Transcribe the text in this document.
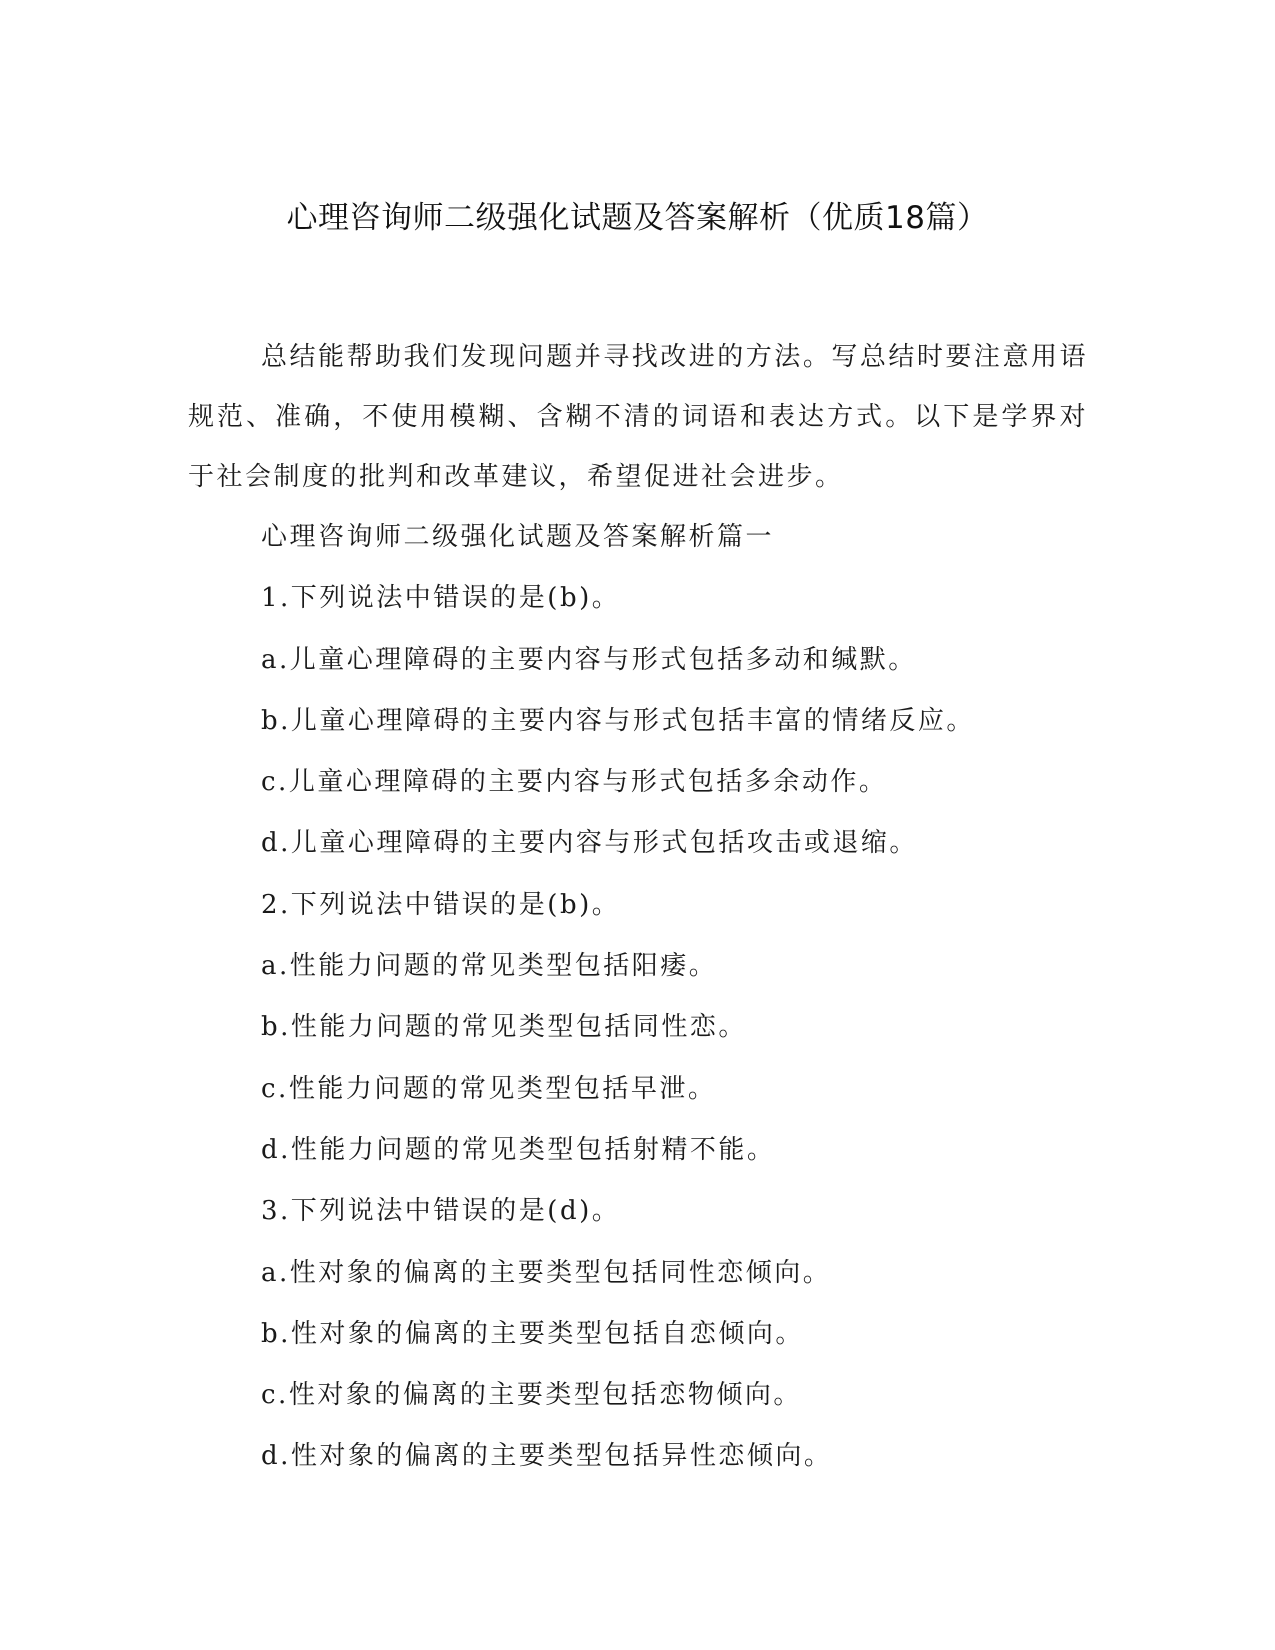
心理咨询师二级强化试题及答案解析（优质18篇）

总结能帮助我们发现问题并寻找改进的方法。写总结时要注意用语规范、准确，不使用模糊、含糊不清的词语和表达方式。以下是学界对于社会制度的批判和改革建议，希望促进社会进步。

心理咨询师二级强化试题及答案解析篇一

1.下列说法中错误的是(b)。

a.儿童心理障碍的主要内容与形式包括多动和缄默。

b.儿童心理障碍的主要内容与形式包括丰富的情绪反应。

c.儿童心理障碍的主要内容与形式包括多余动作。

d.儿童心理障碍的主要内容与形式包括攻击或退缩。

2.下列说法中错误的是(b)。

a.性能力问题的常见类型包括阳痿。

b.性能力问题的常见类型包括同性恋。

c.性能力问题的常见类型包括早泄。

d.性能力问题的常见类型包括射精不能。

3.下列说法中错误的是(d)。

a.性对象的偏离的主要类型包括同性恋倾向。

b.性对象的偏离的主要类型包括自恋倾向。

c.性对象的偏离的主要类型包括恋物倾向。

d.性对象的偏离的主要类型包括异性恋倾向。
